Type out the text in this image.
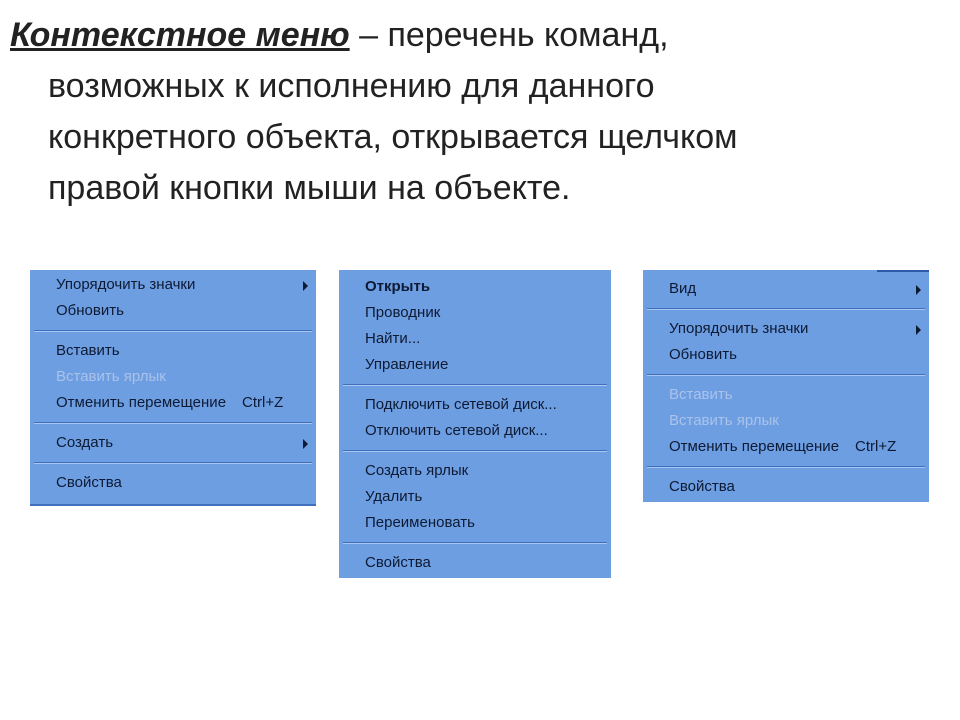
Контекстное меню – перечень команд,
возможных к исполнению для данного
конкретного объекта, открывается щелчком
правой кнопки мыши на объекте.

Упорядочить значки
Обновить
Вставить
Вставить ярлык
Отменить перемещение Ctrl+Z
Создать
Свойства
Открыть
Проводник
Найти...
Управление
Подключить сетевой диск...
Отключить сетевой диск...
Создать ярлык
Удалить
Переименовать
Свойства
Вид
Упорядочить значки
Обновить
Вставить
Вставить ярлык
Отменить перемещение Ctrl+Z
Свойства
